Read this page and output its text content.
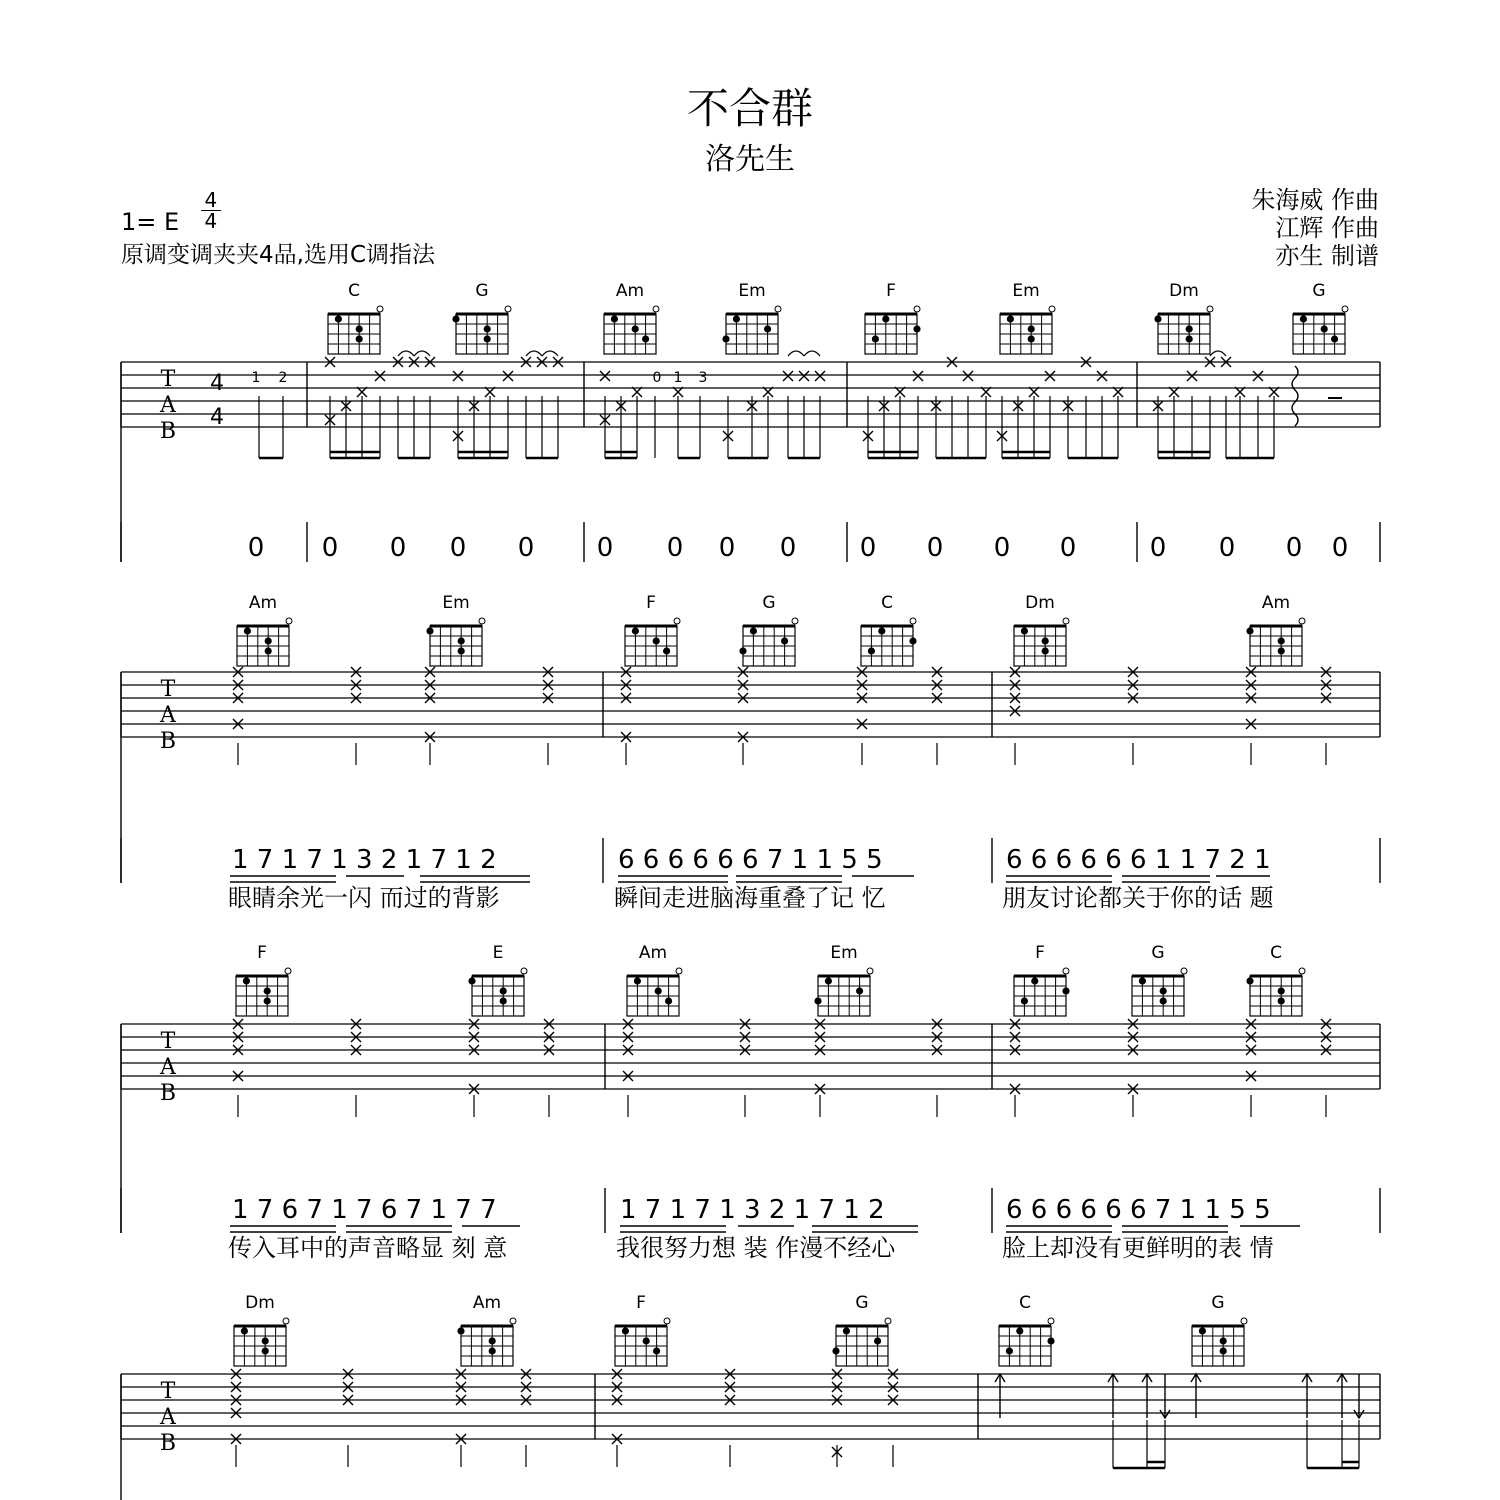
不合群
洛先生
1= E $\frac{4}{4}$
原调变调夹夹4品,选用C调指法
朱海威 作曲
江辉 作曲
亦生 制谱
T
A
B
4
4
1 2	0 1 3
C	G	Am	Em	F	Em	Dm	G
0 0 0 0 0 0 0 0 0 0 0 0 0	0 0 0 0
T
A
B
Am	Em	F	G	C	Dm	Am
1 7 1 7 1 3 2 1 7 1 2
眼睛余光一闪 而过的背影
6 6 6 6 6 6 7 1 1 5 5
瞬间走进脑海重叠了记 忆
6 6 6 6 6 6 1 1 7 2 1
朋友讨论都关于你的话 题
T
A
B
F	E	Am	Em	F	G	C
1 7 6 7 1 7 6 7 1 7 7
传入耳中的声音略显 刻 意
1 7 1 7 1 3 2 1 7 1 2
我很努力想 装 作漫不经心
6 6 6 6 6 6 7 1 1 5 5
脸上却没有更鲜明的表 情
T
A
B
Dm	Am	F	G	C	G
